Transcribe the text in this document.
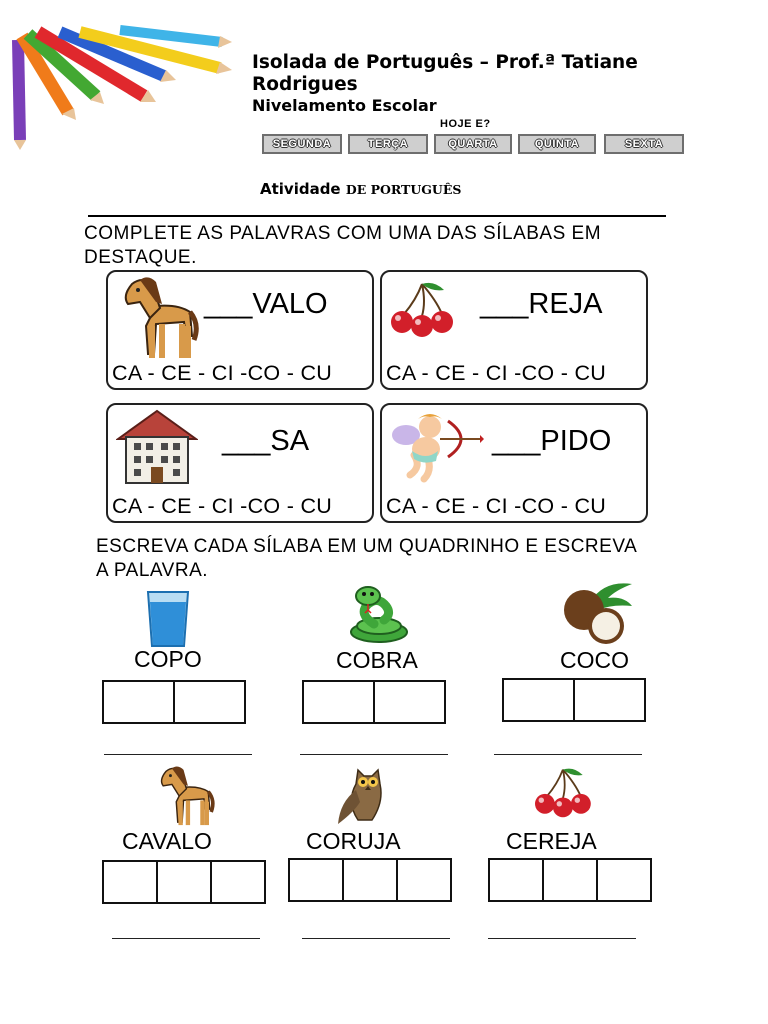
Isolada de Português – Prof.ª Tatiane Rodrigues
Nivelamento Escolar
HOJE E?
SEGUNDA	TERÇA	QUARTA	QUINTA	SEXTA
Atividade DE PORTUGUÊS
COMPLETE AS PALAVRAS COM UMA DAS SÍLABAS EM DESTAQUE.
___VALO
CA - CE - CI -CO - CU
___REJA
CA - CE - CI -CO - CU
___SA
CA - CE - CI -CO - CU
___PIDO
CA - CE - CI -CO - CU
ESCREVA CADA SÍLABA EM UM QUADRINHO E ESCREVA A PALAVRA.
COPO	COBRA	COCO
CAVALO	CORUJA	CEREJA
